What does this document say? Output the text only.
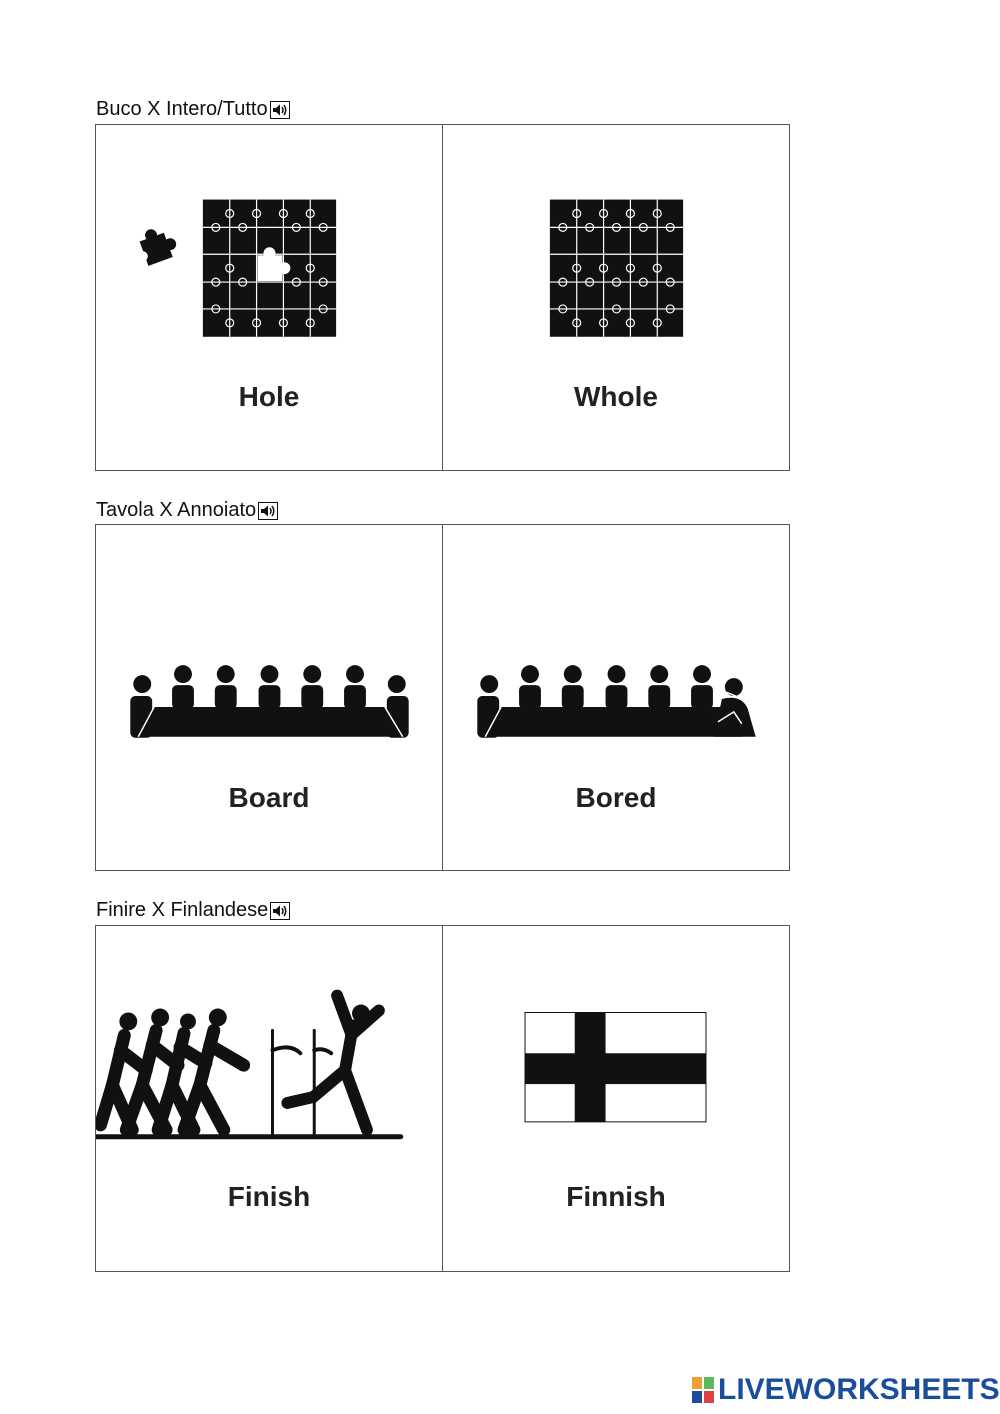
Buco X Intero/Tutto
Hole	Whole
Tavola X Annoiato
Board	Bored
Finire X Finlandese
Finish	Finnish
LIVEWORKSHEETS
